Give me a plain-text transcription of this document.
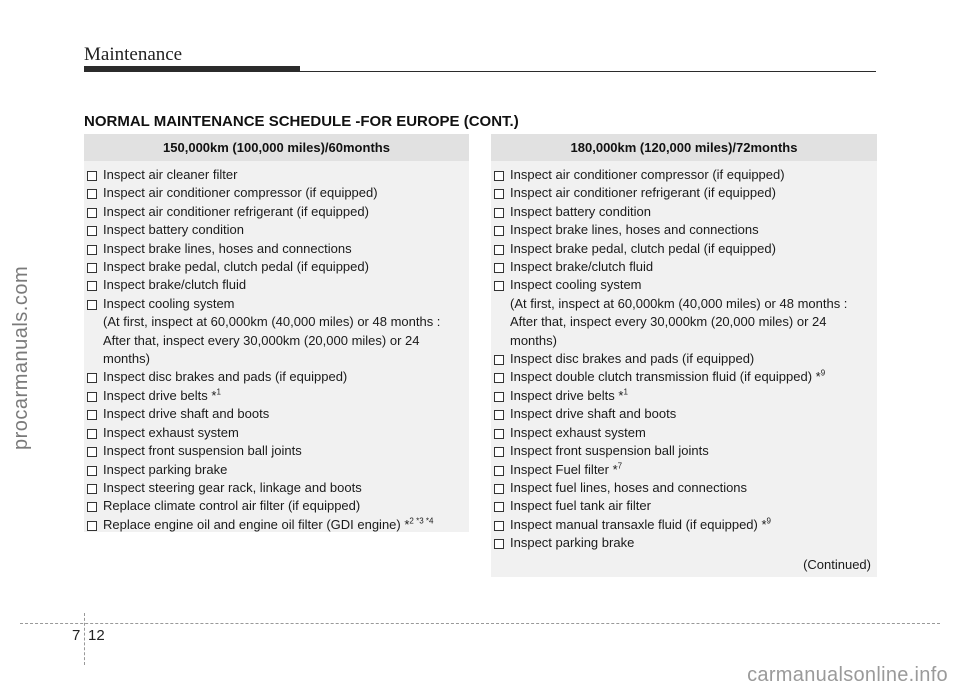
Maintenance
NORMAL MAINTENANCE SCHEDULE -FOR EUROPE (CONT.)
150,000km (100,000 miles)/60months
Inspect air cleaner filter
Inspect air conditioner compressor (if equipped)
Inspect air conditioner refrigerant (if equipped)
Inspect battery condition
Inspect brake lines, hoses and connections
Inspect brake pedal, clutch pedal (if equipped)
Inspect brake/clutch fluid
Inspect cooling system
(At first, inspect at 60,000km (40,000 miles) or 48 months :
After that, inspect every 30,000km (20,000 miles) or 24
months)
Inspect disc brakes and pads (if equipped)
Inspect drive belts *$^1$
Inspect drive shaft and boots
Inspect exhaust system
Inspect front suspension ball joints
Inspect parking brake
Inspect steering gear rack, linkage and boots
Replace climate control air filter (if equipped)
Replace engine oil and engine oil filter (GDI engine) *$^{2 *3 *4}$
180,000km (120,000 miles)/72months
Inspect air conditioner compressor (if equipped)
Inspect air conditioner refrigerant (if equipped)
Inspect battery condition
Inspect brake lines, hoses and connections
Inspect brake pedal, clutch pedal (if equipped)
Inspect brake/clutch fluid
Inspect cooling system
(At first, inspect at 60,000km (40,000 miles) or 48 months :
After that, inspect every 30,000km (20,000 miles) or 24
months)
Inspect disc brakes and pads (if equipped)
Inspect double clutch transmission fluid (if equipped) *$^9$
Inspect drive belts *$^1$
Inspect drive shaft and boots
Inspect exhaust system
Inspect front suspension ball joints
Inspect Fuel filter *$^7$
Inspect fuel lines, hoses and connections
Inspect fuel tank air filter
Inspect manual transaxle fluid (if equipped) *$^9$
Inspect parking brake
(Continued)
procarmanuals.com
7 12
carmanualsonline.info
